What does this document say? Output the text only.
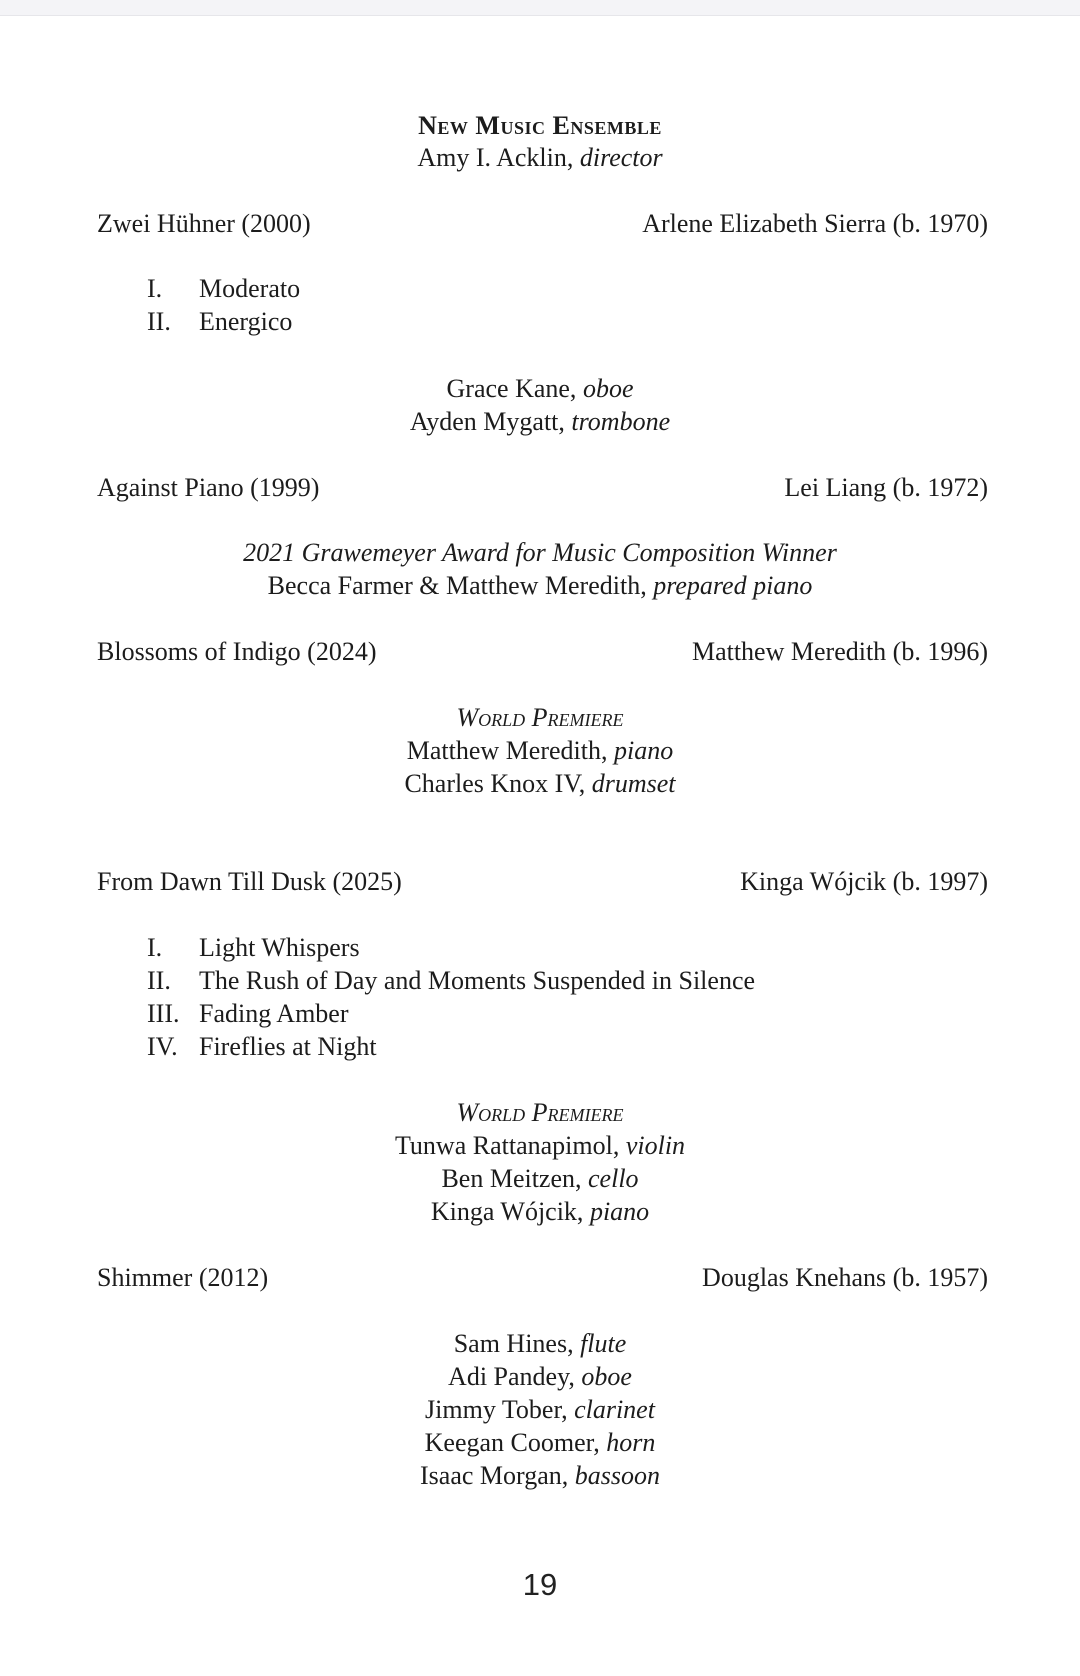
New Music Ensemble
Amy I. Acklin, director
Zwei Hühner (2000)	Arlene Elizabeth Sierra (b. 1970)
I. Moderato
II. Energico
Grace Kane, oboe
Ayden Mygatt, trombone
Against Piano (1999)	Lei Liang (b. 1972)
2021 Grawemeyer Award for Music Composition Winner
Becca Farmer & Matthew Meredith, prepared piano
Blossoms of Indigo (2024)	Matthew Meredith (b. 1996)
World Premiere
Matthew Meredith, piano
Charles Knox IV, drumset
From Dawn Till Dusk (2025)	Kinga Wójcik (b. 1997)
I. Light Whispers
II. The Rush of Day and Moments Suspended in Silence
III. Fading Amber
IV. Fireflies at Night
World Premiere
Tunwa Rattanapimol, violin
Ben Meitzen, cello
Kinga Wójcik, piano
Shimmer (2012)	Douglas Knehans (b. 1957)
Sam Hines, flute
Adi Pandey, oboe
Jimmy Tober, clarinet
Keegan Coomer, horn
Isaac Morgan, bassoon
19
